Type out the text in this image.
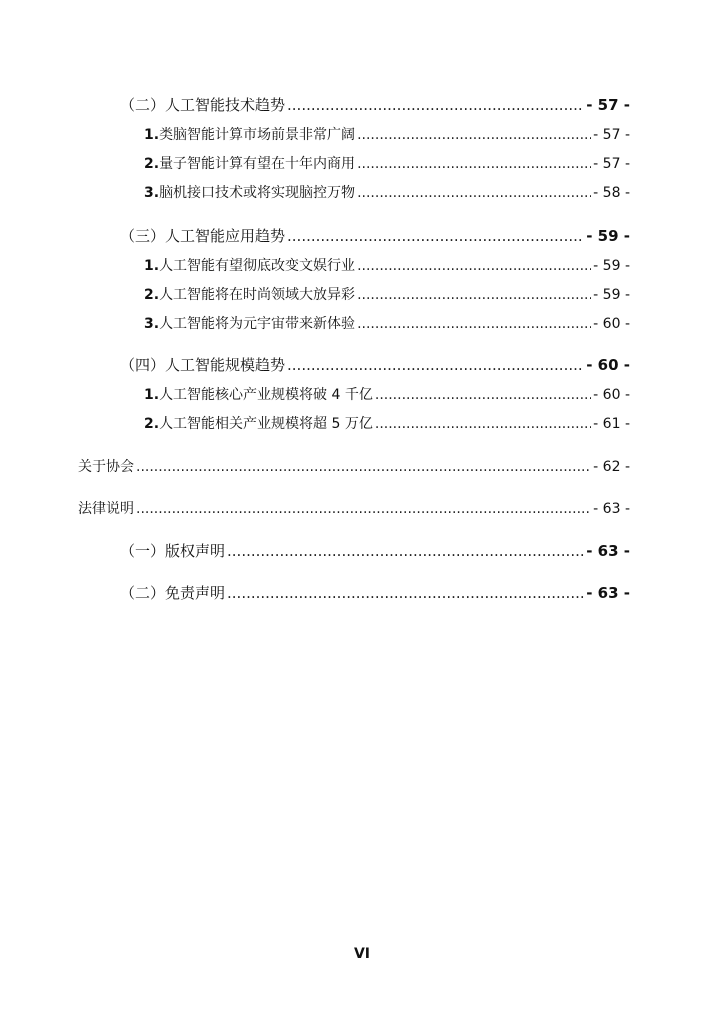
（二）人工智能技术趋势 .....	- 57 -
1. 类脑智能计算市场前景非常广阔 .....	- 57 -
2. 量子智能计算有望在十年内商用 .....	- 57 -
3. 脑机接口技术或将实现脑控万物 .....	- 58 -
（三）人工智能应用趋势 .....	- 59 -
1. 人工智能有望彻底改变文娱行业 .....	- 59 -
2. 人工智能将在时尚领域大放异彩 .....	- 59 -
3. 人工智能将为元宇宙带来新体验 .....	- 60 -
（四）人工智能规模趋势 .....	- 60 -
1. 人工智能核心产业规模将破 4 千亿 .....	- 60 -
2. 人工智能相关产业规模将超 5 万亿 .....	- 61 -
关于协会 .....	- 62 -
法律说明 .....	- 63 -
（一）版权声明 .....	- 63 -
（二）免责声明 .....	- 63 -
VI
